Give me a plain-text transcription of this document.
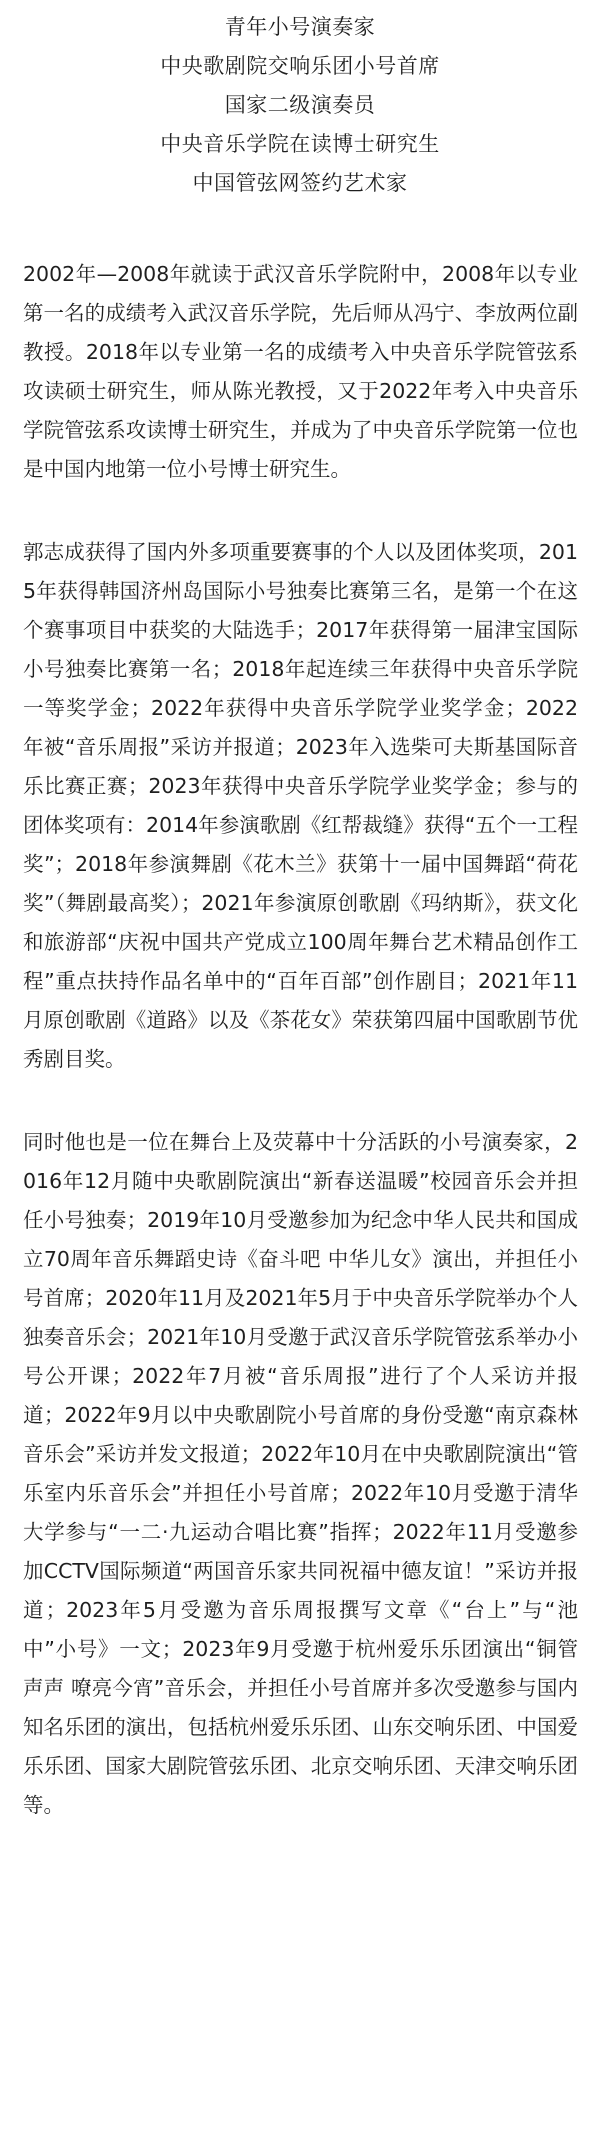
青年小号演奏家
中央歌剧院交响乐团小号首席
国家二级演奏员
中央音乐学院在读博士研究生
中国管弦网签约艺术家

2002年—2008年就读于武汉音乐学院附中，2008年以专业第一名的成绩考入武汉音乐学院，先后师从冯宁、李放两位副教授。2018年以专业第一名的成绩考入中央音乐学院管弦系攻读硕士研究生，师从陈光教授，又于2022年考入中央音乐学院管弦系攻读博士研究生，并成为了中央音乐学院第一位也是中国内地第一位小号博士研究生。

郭志成获得了国内外多项重要赛事的个人以及团体奖项，2015年获得韩国济州岛国际小号独奏比赛第三名，是第一个在这个赛事项目中获奖的大陆选手；2017年获得第一届津宝国际小号独奏比赛第一名；2018年起连续三年获得中央音乐学院一等奖学金；2022年获得中央音乐学院学业奖学金；2022年被“音乐周报”采访并报道；2023年入选柴可夫斯基国际音乐比赛正赛；2023年获得中央音乐学院学业奖学金；参与的团体奖项有：2014年参演歌剧《红帮裁缝》获得“五个一工程奖”；2018年参演舞剧《花木兰》获第十一届中国舞蹈“荷花奖”（舞剧最高奖）；2021年参演原创歌剧《玛纳斯》，获文化和旅游部“庆祝中国共产党成立100周年舞台艺术精品创作工程”重点扶持作品名单中的“百年百部”创作剧目；2021年11月原创歌剧《道路》以及《茶花女》荣获第四届中国歌剧节优秀剧目奖。

同时他也是一位在舞台上及荧幕中十分活跃的小号演奏家，2016年12月随中央歌剧院演出“新春送温暖”校园音乐会并担任小号独奏；2019年10月受邀参加为纪念中华人民共和国成立70周年音乐舞蹈史诗《奋斗吧 中华儿女》演出，并担任小号首席；2020年11月及2021年5月于中央音乐学院举办个人独奏音乐会；2021年10月受邀于武汉音乐学院管弦系举办小号公开课；2022年7月被“音乐周报”进行了个人采访并报道；2022年9月以中央歌剧院小号首席的身份受邀“南京森林音乐会”采访并发文报道；2022年10月在中央歌剧院演出“管乐室内乐音乐会”并担任小号首席；2022年10月受邀于清华大学参与“一二·九运动合唱比赛”指挥；2022年11月受邀参加CCTV国际频道“两国音乐家共同祝福中德友谊！”采访并报道；2023年5月受邀为音乐周报撰写文章《“台上”与“池中”小号》一文；2023年9月受邀于杭州爱乐乐团演出“铜管声声 嘹亮今宵”音乐会，并担任小号首席并多次受邀参与国内知名乐团的演出，包括杭州爱乐乐团、山东交响乐团、中国爱乐乐团、国家大剧院管弦乐团、北京交响乐团、天津交响乐团等。
